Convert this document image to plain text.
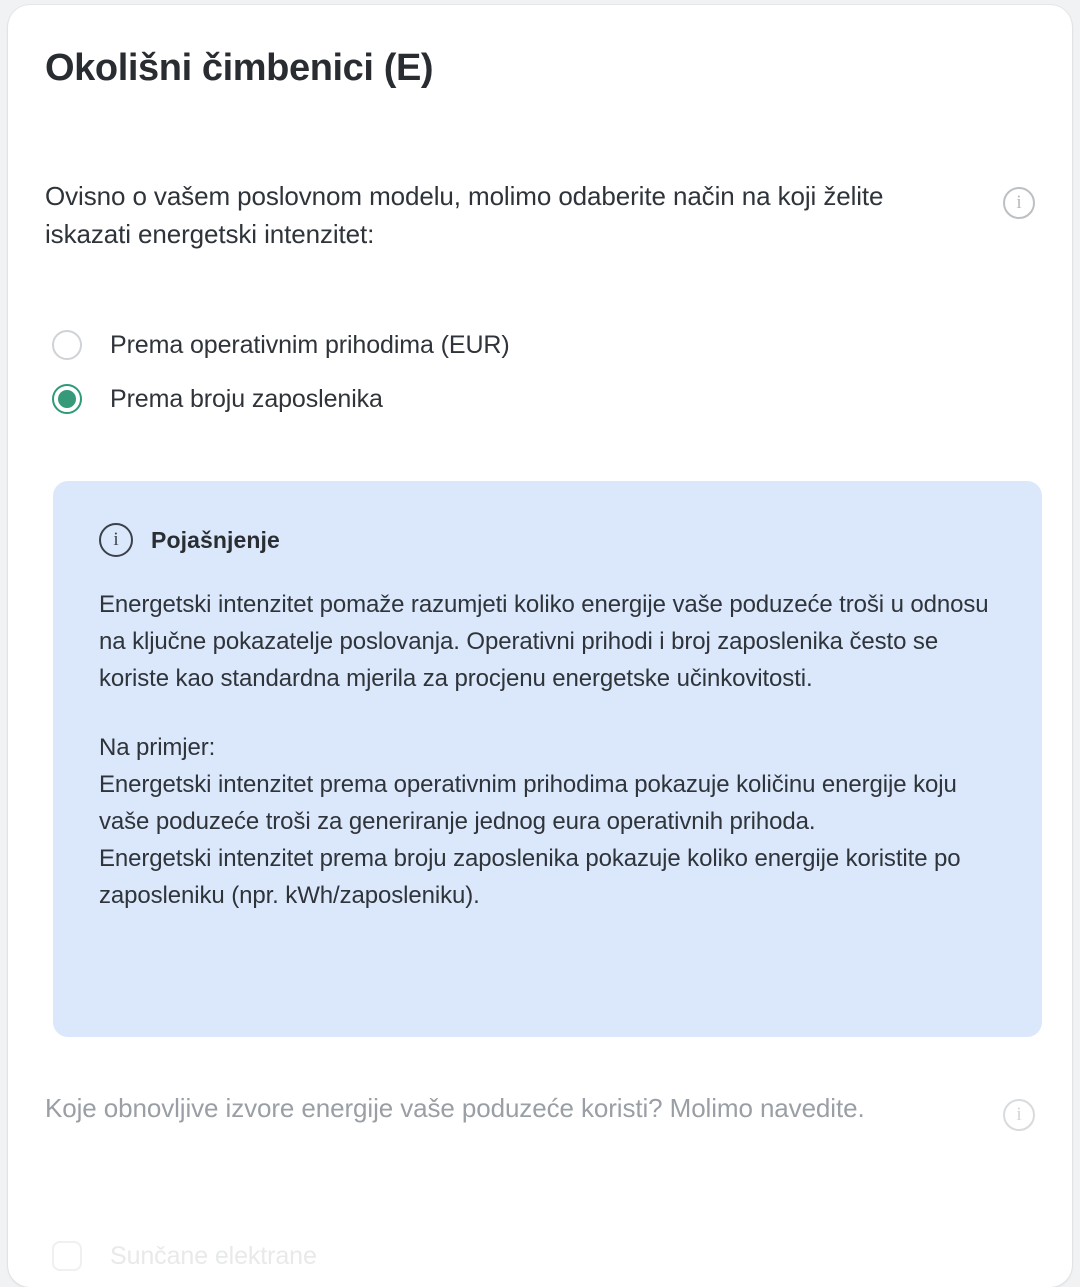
Okolišni čimbenici (E)
Ovisno o vašem poslovnom modelu, molimo odaberite način na koji želite iskazati energetski intenzitet:
i
Prema operativnim prihodima (EUR)
Prema broju zaposlenika
i Pojašnjenje

Energetski intenzitet pomaže razumjeti koliko energije vaše poduzeće troši u odnosu na ključne pokazatelje poslovanja. Operativni prihodi i broj zaposlenika često se koriste kao standardna mjerila za procjenu energetske učinkovitosti.

Na primjer:

Energetski intenzitet prema operativnim prihodima pokazuje količinu energije koju vaše poduzeće troši za generiranje jednog eura operativnih prihoda.

Energetski intenzitet prema broju zaposlenika pokazuje koliko energije koristite po zaposleniku (npr. kWh/zaposleniku).

Koje obnovljive izvore energije vaše poduzeće koristi? Molimo navedite.	i
Sunčane elektrane
